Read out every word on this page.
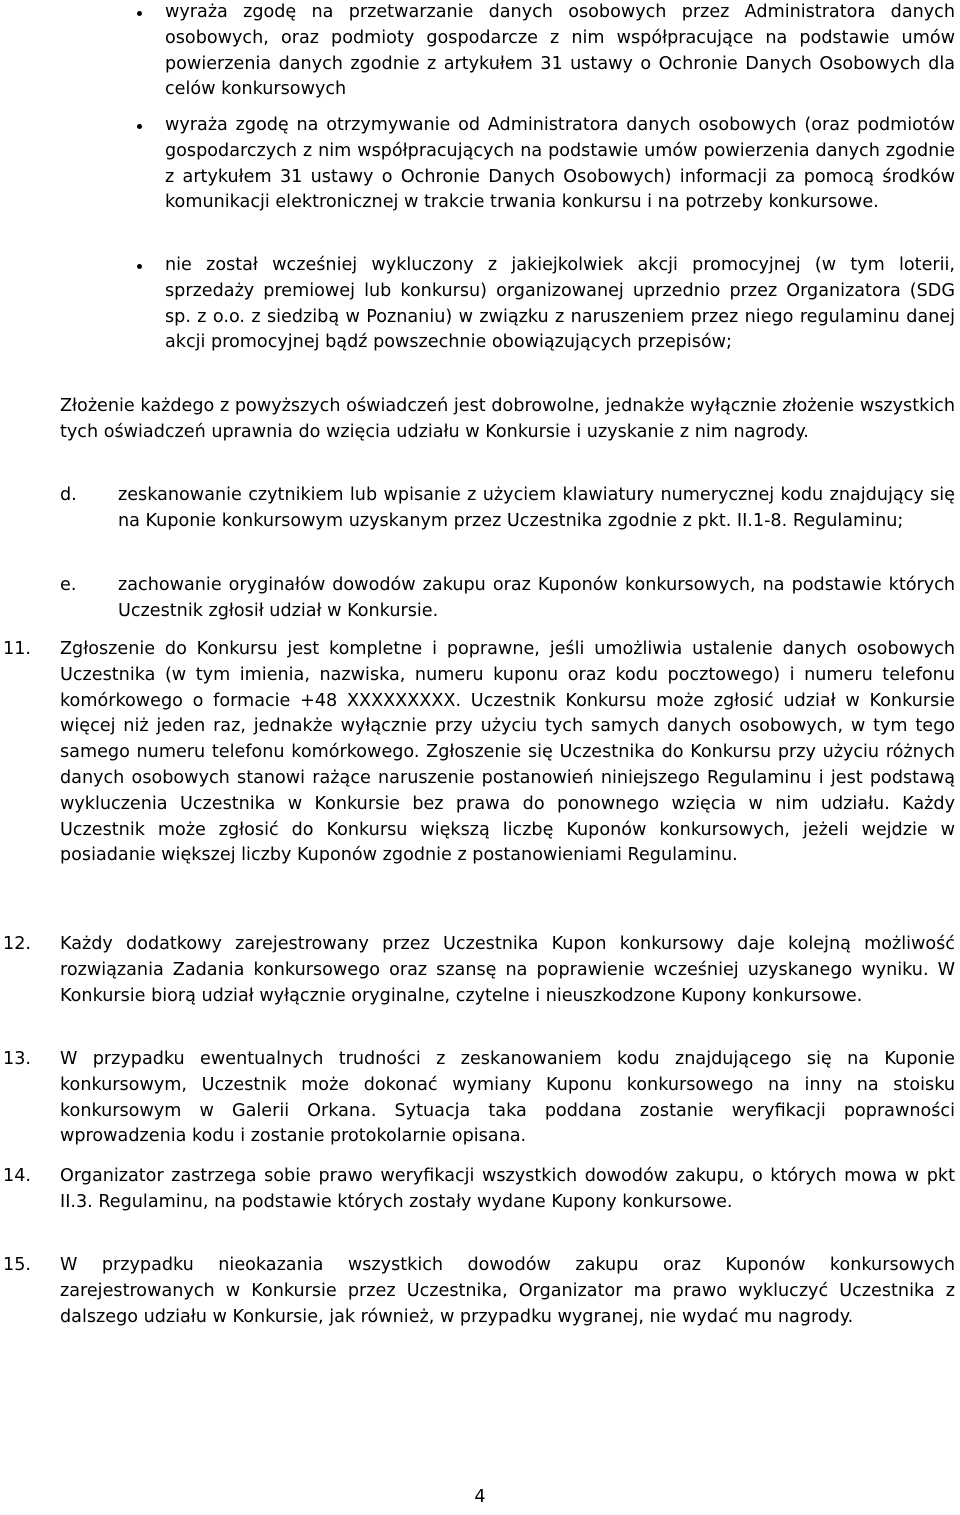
wyraża zgodę na przetwarzanie danych osobowych przez Administratora danych osobowych, oraz podmioty gospodarcze z nim współpracujące na podstawie umów powierzenia danych zgodnie z artykułem 31 ustawy o Ochronie Danych Osobowych dla celów konkursowych

wyraża zgodę na otrzymywanie od Administratora danych osobowych (oraz podmiotów gospodarczych z nim współpracujących na podstawie umów powierzenia danych zgodnie z artykułem 31 ustawy o Ochronie Danych Osobowych) informacji za pomocą środków komunikacji elektronicznej w trakcie trwania konkursu i na potrzeby konkursowe.

nie został wcześniej wykluczony z jakiejkolwiek akcji promocyjnej (w tym loterii, sprzedaży premiowej lub konkursu) organizowanej uprzednio przez Organizatora (SDG sp. z o.o. z siedzibą w Poznaniu) w związku z naruszeniem przez niego regulaminu danej akcji promocyjnej bądź powszechnie obowiązujących przepisów;

Złożenie każdego z powyższych oświadczeń jest dobrowolne, jednakże wyłącznie złożenie wszystkich tych oświadczeń uprawnia do wzięcia udziału w Konkursie i uzyskanie z nim nagrody.

d. zeskanowanie czytnikiem lub wpisanie z użyciem klawiatury numerycznej kodu znajdujący się na Kuponie konkursowym uzyskanym przez Uczestnika zgodnie z pkt. II.1-8. Regulaminu;

e. zachowanie oryginałów dowodów zakupu oraz Kuponów konkursowych, na podstawie których Uczestnik zgłosił udział w Konkursie.

11. Zgłoszenie do Konkursu jest kompletne i poprawne, jeśli umożliwia ustalenie danych osobowych Uczestnika (w tym imienia, nazwiska, numeru kuponu oraz kodu pocztowego) i numeru telefonu komórkowego o formacie +48 XXXXXXXXX. Uczestnik Konkursu może zgłosić udział w Konkursie więcej niż jeden raz, jednakże wyłącznie przy użyciu tych samych danych osobowych, w tym tego samego numeru telefonu komórkowego. Zgłoszenie się Uczestnika do Konkursu przy użyciu różnych danych osobowych stanowi rażące naruszenie postanowień niniejszego Regulaminu i jest podstawą wykluczenia Uczestnika w Konkursie bez prawa do ponownego wzięcia w nim udziału. Każdy Uczestnik może zgłosić do Konkursu większą liczbę Kuponów konkursowych, jeżeli wejdzie w posiadanie większej liczby Kuponów zgodnie z postanowieniami Regulaminu.

12. Każdy dodatkowy zarejestrowany przez Uczestnika Kupon konkursowy daje kolejną możliwość rozwiązania Zadania konkursowego oraz szansę na poprawienie wcześniej uzyskanego wyniku. W Konkursie biorą udział wyłącznie oryginalne, czytelne i nieuszkodzone Kupony konkursowe.

13. W przypadku ewentualnych trudności z zeskanowaniem kodu znajdującego się na Kuponie konkursowym, Uczestnik może dokonać wymiany Kuponu konkursowego na inny na stoisku konkursowym w Galerii Orkana. Sytuacja taka poddana zostanie weryfikacji poprawności wprowadzenia kodu i zostanie protokolarnie opisana.

14. Organizator zastrzega sobie prawo weryfikacji wszystkich dowodów zakupu, o których mowa w pkt II.3. Regulaminu, na podstawie których zostały wydane Kupony konkursowe.

15. W przypadku nieokazania wszystkich dowodów zakupu oraz Kuponów konkursowych zarejestrowanych w Konkursie przez Uczestnika, Organizator ma prawo wykluczyć Uczestnika z dalszego udziału w Konkursie, jak również, w przypadku wygranej, nie wydać mu nagrody.

4
